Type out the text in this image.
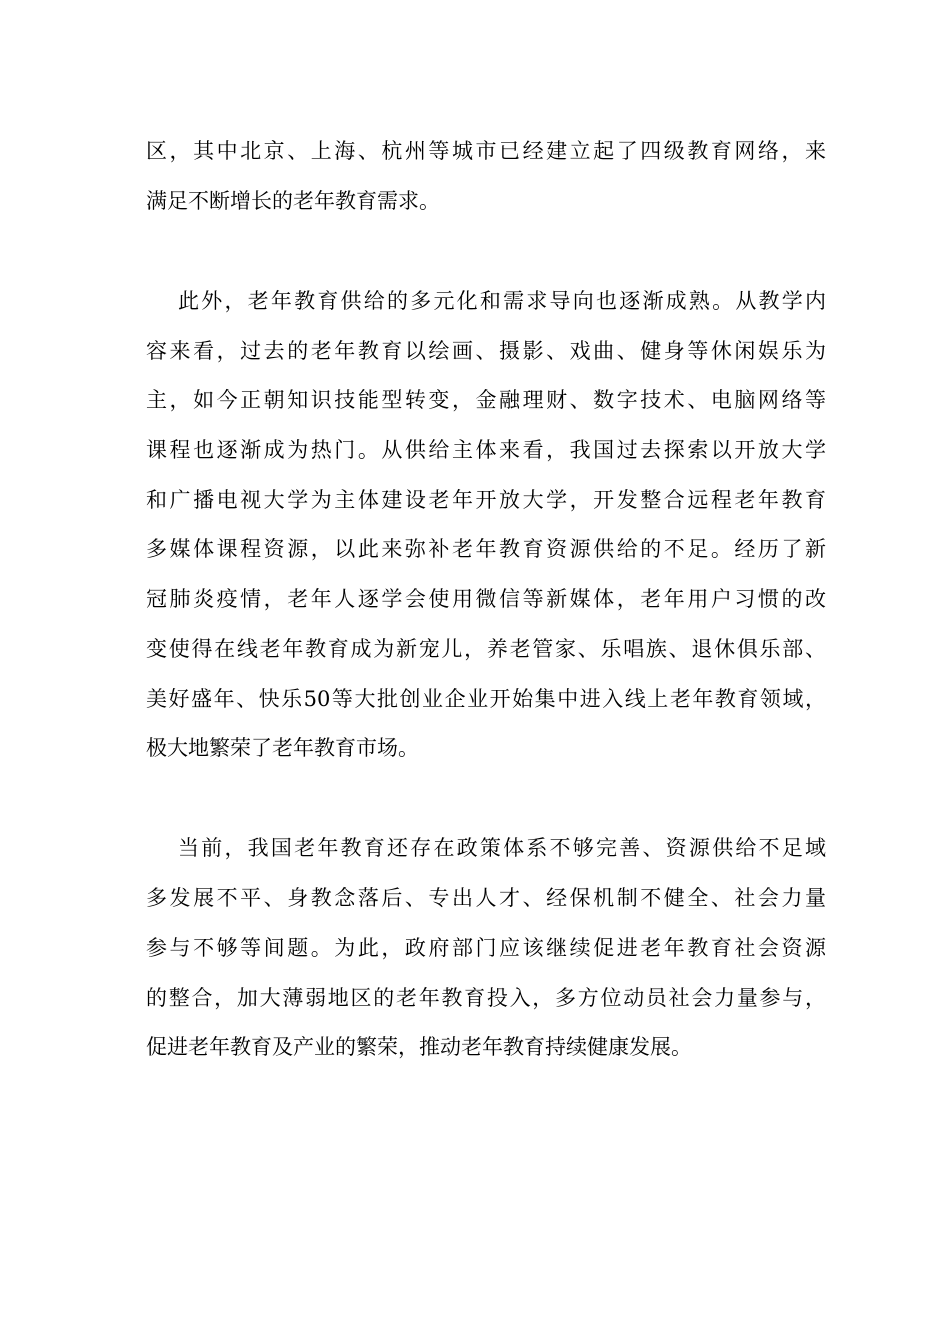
区，其中北京、上海、杭州等城市已经建立起了四级教育网络，来
满足不断增长的老年教育需求。
此外，老年教育供给的多元化和需求导向也逐渐成熟。从教学内
容来看，过去的老年教育以绘画、摄影、戏曲、健身等休闲娱乐为
主，如今正朝知识技能型转变，金融理财、数字技术、电脑网络等
课程也逐渐成为热门。从供给主体来看，我国过去探索以开放大学
和广播电视大学为主体建设老年开放大学，开发整合远程老年教育
多媒体课程资源，以此来弥补老年教育资源供给的不足。经历了新
冠肺炎疫情，老年人逐学会使用微信等新媒体，老年用户习惯的改
变使得在线老年教育成为新宠儿，养老管家、乐唱族、退休俱乐部、
美好盛年、快乐50等大批创业企业开始集中进入线上老年教育领域，
极大地繁荣了老年教育市场。
当前，我国老年教育还存在政策体系不够完善、资源供给不足域
多发展不平、身教念落后、专出人才、经保机制不健全、社会力量
参与不够等间题。为此，政府部门应该继续促进老年教育社会资源
的整合，加大薄弱地区的老年教育投入，多方位动员社会力量参与，
促进老年教育及产业的繁荣，推动老年教育持续健康发展。
